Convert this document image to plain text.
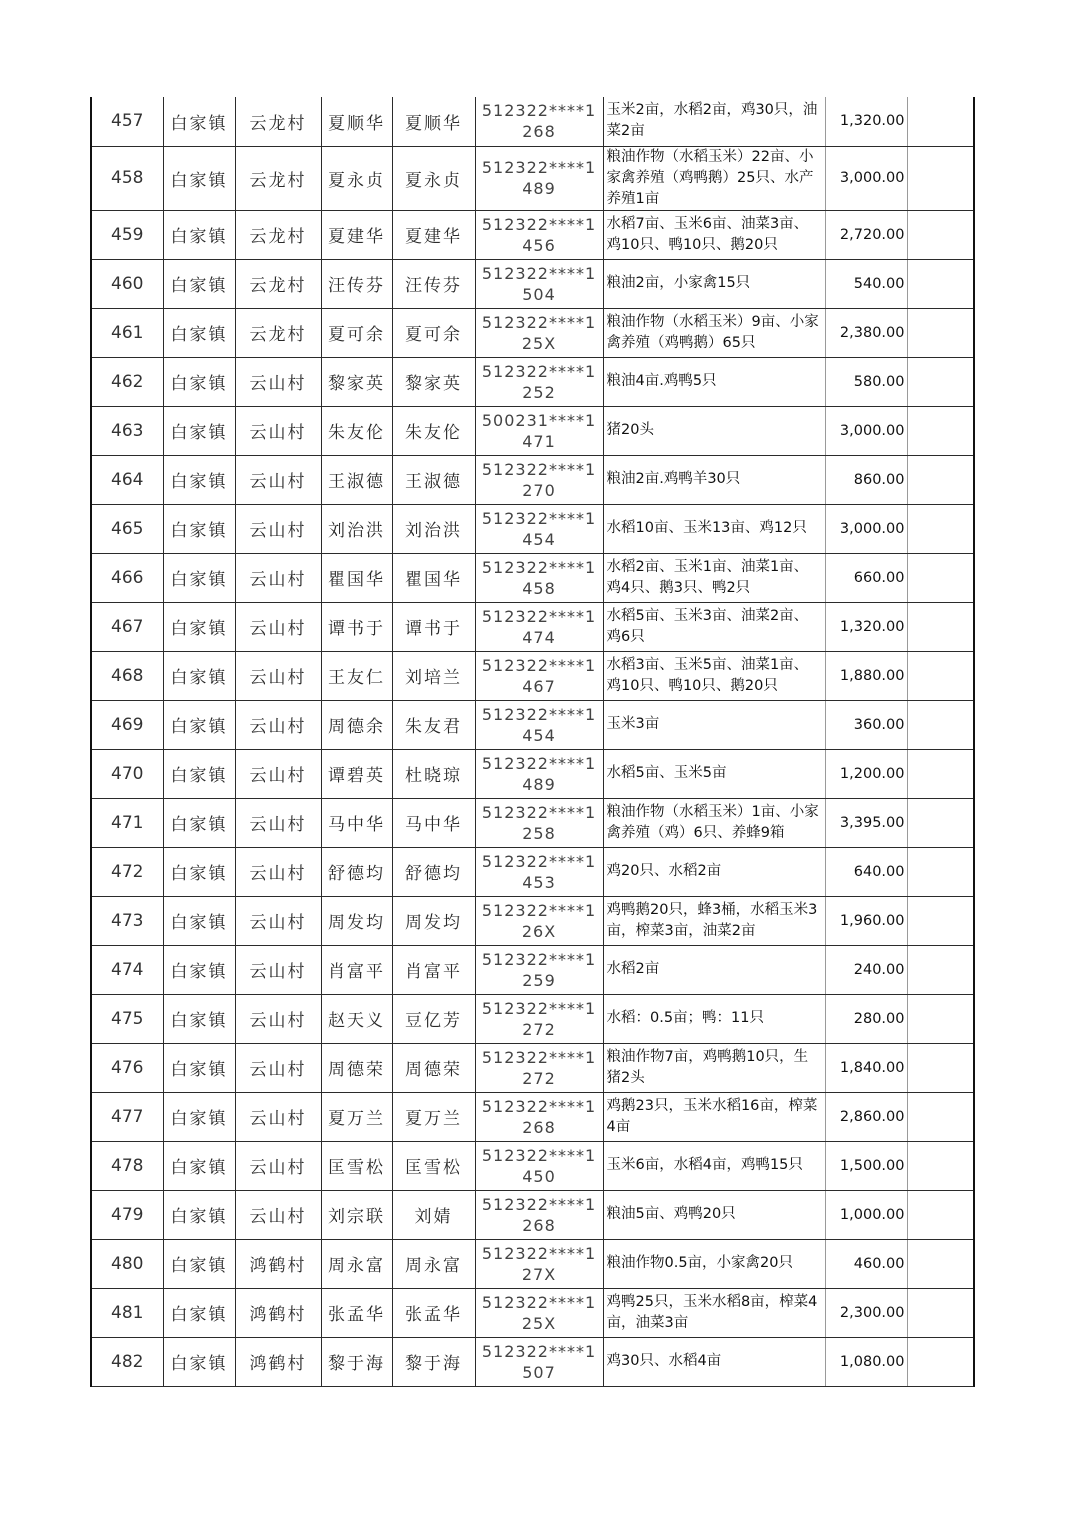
457	白家镇	云龙村	夏顺华	夏顺华	512322****1268	玉米2亩，水稻2亩，鸡30只，油菜2亩	1,320.00	
458	白家镇	云龙村	夏永贞	夏永贞	512322****1489	粮油作物（水稻玉米）22亩、小家禽养殖（鸡鸭鹅）25只、水产养殖1亩	3,000.00	
459	白家镇	云龙村	夏建华	夏建华	512322****1456	水稻7亩、玉米6亩、油菜3亩、鸡10只、鸭10只、鹅20只	2,720.00	
460	白家镇	云龙村	汪传芬	汪传芬	512322****1504	粮油2亩，小家禽15只	540.00	
461	白家镇	云龙村	夏可余	夏可余	512322****125X	粮油作物（水稻玉米）9亩、小家禽养殖（鸡鸭鹅）65只	2,380.00	
462	白家镇	云山村	黎家英	黎家英	512322****1252	粮油4亩.鸡鸭5只	580.00	
463	白家镇	云山村	朱友伦	朱友伦	500231****1471	猪20头	3,000.00	
464	白家镇	云山村	王淑德	王淑德	512322****1270	粮油2亩.鸡鸭羊30只	860.00	
465	白家镇	云山村	刘治洪	刘治洪	512322****1454	水稻10亩、玉米13亩、鸡12只	3,000.00	
466	白家镇	云山村	瞿国华	瞿国华	512322****1458	水稻2亩、玉米1亩、油菜1亩、鸡4只、鹅3只、鸭2只	660.00	
467	白家镇	云山村	谭书于	谭书于	512322****1474	水稻5亩、玉米3亩、油菜2亩、鸡6只	1,320.00	
468	白家镇	云山村	王友仁	刘培兰	512322****1467	水稻3亩、玉米5亩、油菜1亩、鸡10只、鸭10只、鹅20只	1,880.00	
469	白家镇	云山村	周德余	朱友君	512322****1454	玉米3亩	360.00	
470	白家镇	云山村	谭碧英	杜晓琼	512322****1489	水稻5亩、玉米5亩	1,200.00	
471	白家镇	云山村	马中华	马中华	512322****1258	粮油作物（水稻玉米）1亩、小家禽养殖（鸡）6只、养蜂9箱	3,395.00	
472	白家镇	云山村	舒德均	舒德均	512322****1453	鸡20只、水稻2亩	640.00	
473	白家镇	云山村	周发均	周发均	512322****126X	鸡鸭鹅20只，蜂3桶，水稻玉米3亩，榨菜3亩，油菜2亩	1,960.00	
474	白家镇	云山村	肖富平	肖富平	512322****1259	水稻2亩	240.00	
475	白家镇	云山村	赵天义	豆亿芳	512322****1272	水稻：0.5亩；鸭：11只	280.00	
476	白家镇	云山村	周德荣	周德荣	512322****1272	粮油作物7亩，鸡鸭鹅10只，生猪2头	1,840.00	
477	白家镇	云山村	夏万兰	夏万兰	512322****1268	鸡鹅23只，玉米水稻16亩，榨菜4亩	2,860.00	
478	白家镇	云山村	匡雪松	匡雪松	512322****1450	玉米6亩，水稻4亩，鸡鸭15只	1,500.00	
479	白家镇	云山村	刘宗联	刘婧	512322****1268	粮油5亩、鸡鸭20只	1,000.00	
480	白家镇	鸿鹤村	周永富	周永富	512322****127X	粮油作物0.5亩，小家禽20只	460.00	
481	白家镇	鸿鹤村	张孟华	张孟华	512322****125X	鸡鸭25只，玉米水稻8亩，榨菜4亩，油菜3亩	2,300.00	
482	白家镇	鸿鹤村	黎于海	黎于海	512322****1507	鸡30只、水稻4亩	1,080.00	
